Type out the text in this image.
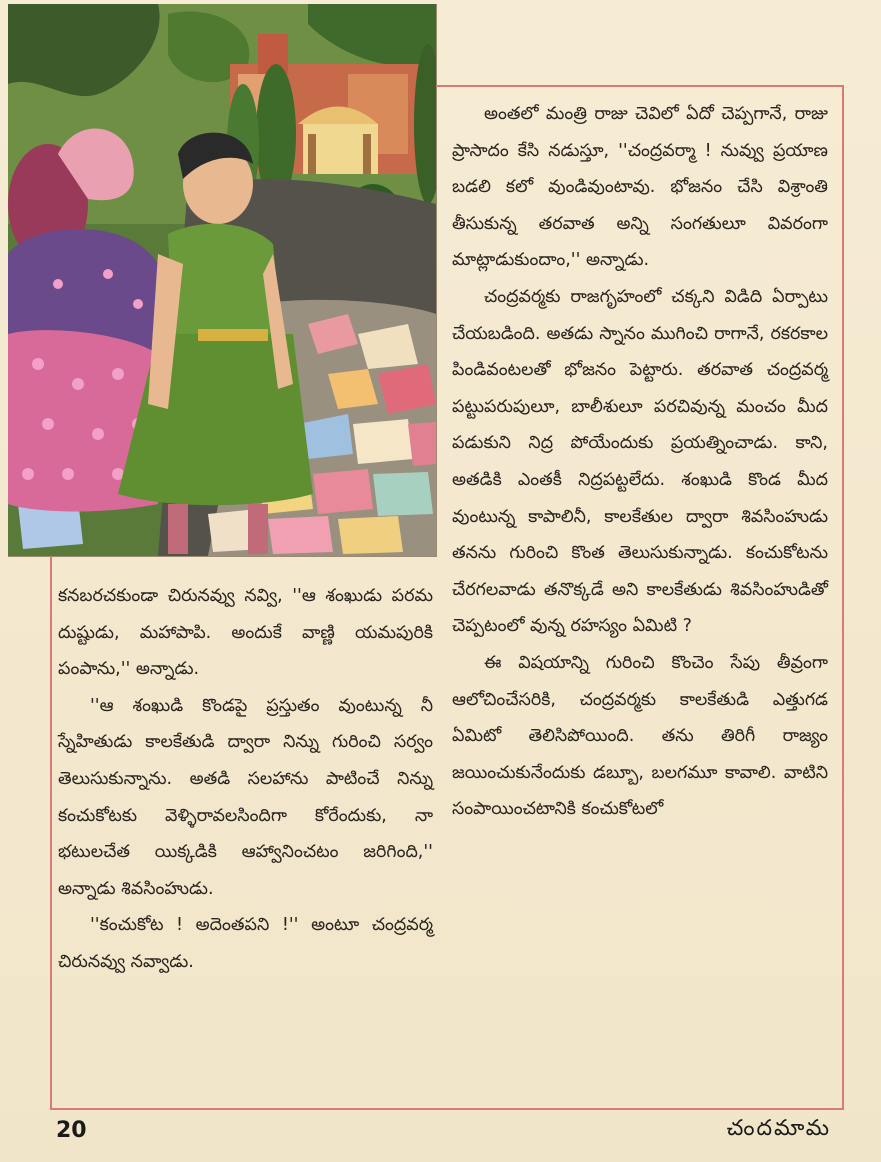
అంతలో మంత్రి రాజు చెవిలో ఏదో చెప్పగానే, రాజు ప్రాసాదం కేసి నడుస్తూ, ''చంద్రవర్మా ! నువ్వు ప్రయాణ బడలి కలో వుండివుంటావు. భోజనం చేసి విశ్రాంతి తీసుకున్న తరవాత అన్ని సంగతులూ వివరంగా మాట్లాడుకుందాం,'' అన్నాడు.

చంద్రవర్మకు రాజగృహంలో చక్కని విడిది ఏర్పాటు చేయబడింది. అతడు స్నానం ముగించి రాగానే, రకరకాల పిండివంటలతో భోజనం పెట్టారు. తరవాత చంద్రవర్మ పట్టుపరుపులూ, బాలీశులూ పరచివున్న మంచం మీద పడుకుని నిద్ర పోయేందుకు ప్రయత్నించాడు. కాని, అతడికి ఎంతకీ నిద్రపట్టలేదు. శంఖుడి కొండ మీద వుంటున్న కాపాలినీ, కాలకేతుల ద్వారా శివసింహుడు తనను గురించి కొంత తెలుసుకున్నాడు. కంచుకోటను చేరగలవాడు తనొక్కడే అని కాలకేతుడు శివసింహుడితో చెప్పటంలో వున్న రహస్యం ఏమిటి ?

ఈ విషయాన్ని గురించి కొంచెం సేపు తీవ్రంగా ఆలోచించేసరికి, చంద్రవర్మకు కాలకేతుడి ఎత్తుగడ ఏమిటో తెలిసిపోయింది. తను తిరిగీ రాజ్యం జయించుకునేందుకు డబ్బూ, బలగమూ కావాలి. వాటిని సంపాయించటానికి కంచుకోటలో

కనబరచకుండా చిరునవ్వు నవ్వి, ''ఆ శంఖుడు పరమ దుష్టుడు, మహాపాపి. అందుకే వాణ్ణి యమపురికి పంపాను,'' అన్నాడు.

''ఆ శంఖుడి కొండపై ప్రస్తుతం వుంటున్న నీ స్నేహితుడు కాలకేతుడి ద్వారా నిన్ను గురించి సర్వం తెలుసుకున్నాను. అతడి సలహాను పాటించే నిన్ను కంచుకోటకు వెళ్ళిరావలసిందిగా కోరేందుకు, నా భటులచేత యిక్కడికి ఆహ్వానించటం జరిగింది,'' అన్నాడు శివసింహుడు.

''కంచుకోట ! అదెంతపని !'' అంటూ చంద్రవర్మ చిరునవ్వు నవ్వాడు.

20	చందమామ
